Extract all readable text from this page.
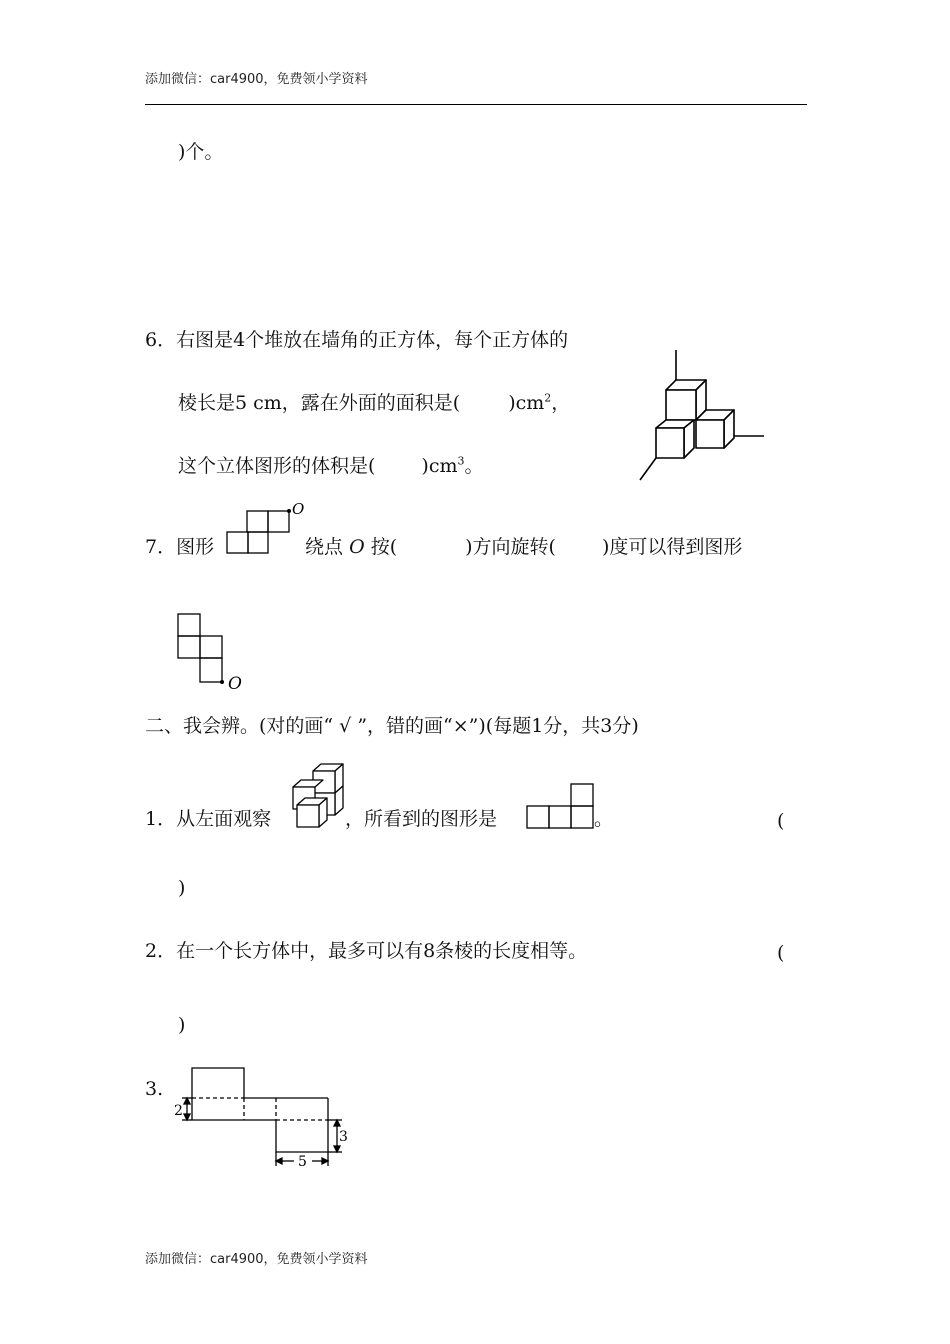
添加微信：car4900，免费领小学资料
)个。
6．右图是4个堆放在墙角的正方体，每个正方体的
棱长是5 cm，露在外面的面积是(	)$cm^2$，
这个立体图形的体积是( )$cm^3$。
7．图形	绕点 O 按(	)方向旋转( )度可以得到图形
O
O
二、我会辨。(对的画“ √ ”，错的画“×”)(每题1分，共3分)
1．从左面观察	，所看到的图形是	。	(
)
2．在一个长方体中，最多可以有8条棱的长度相等。	(
)
3.
2
3
5
添加微信：car4900，免费领小学资料
